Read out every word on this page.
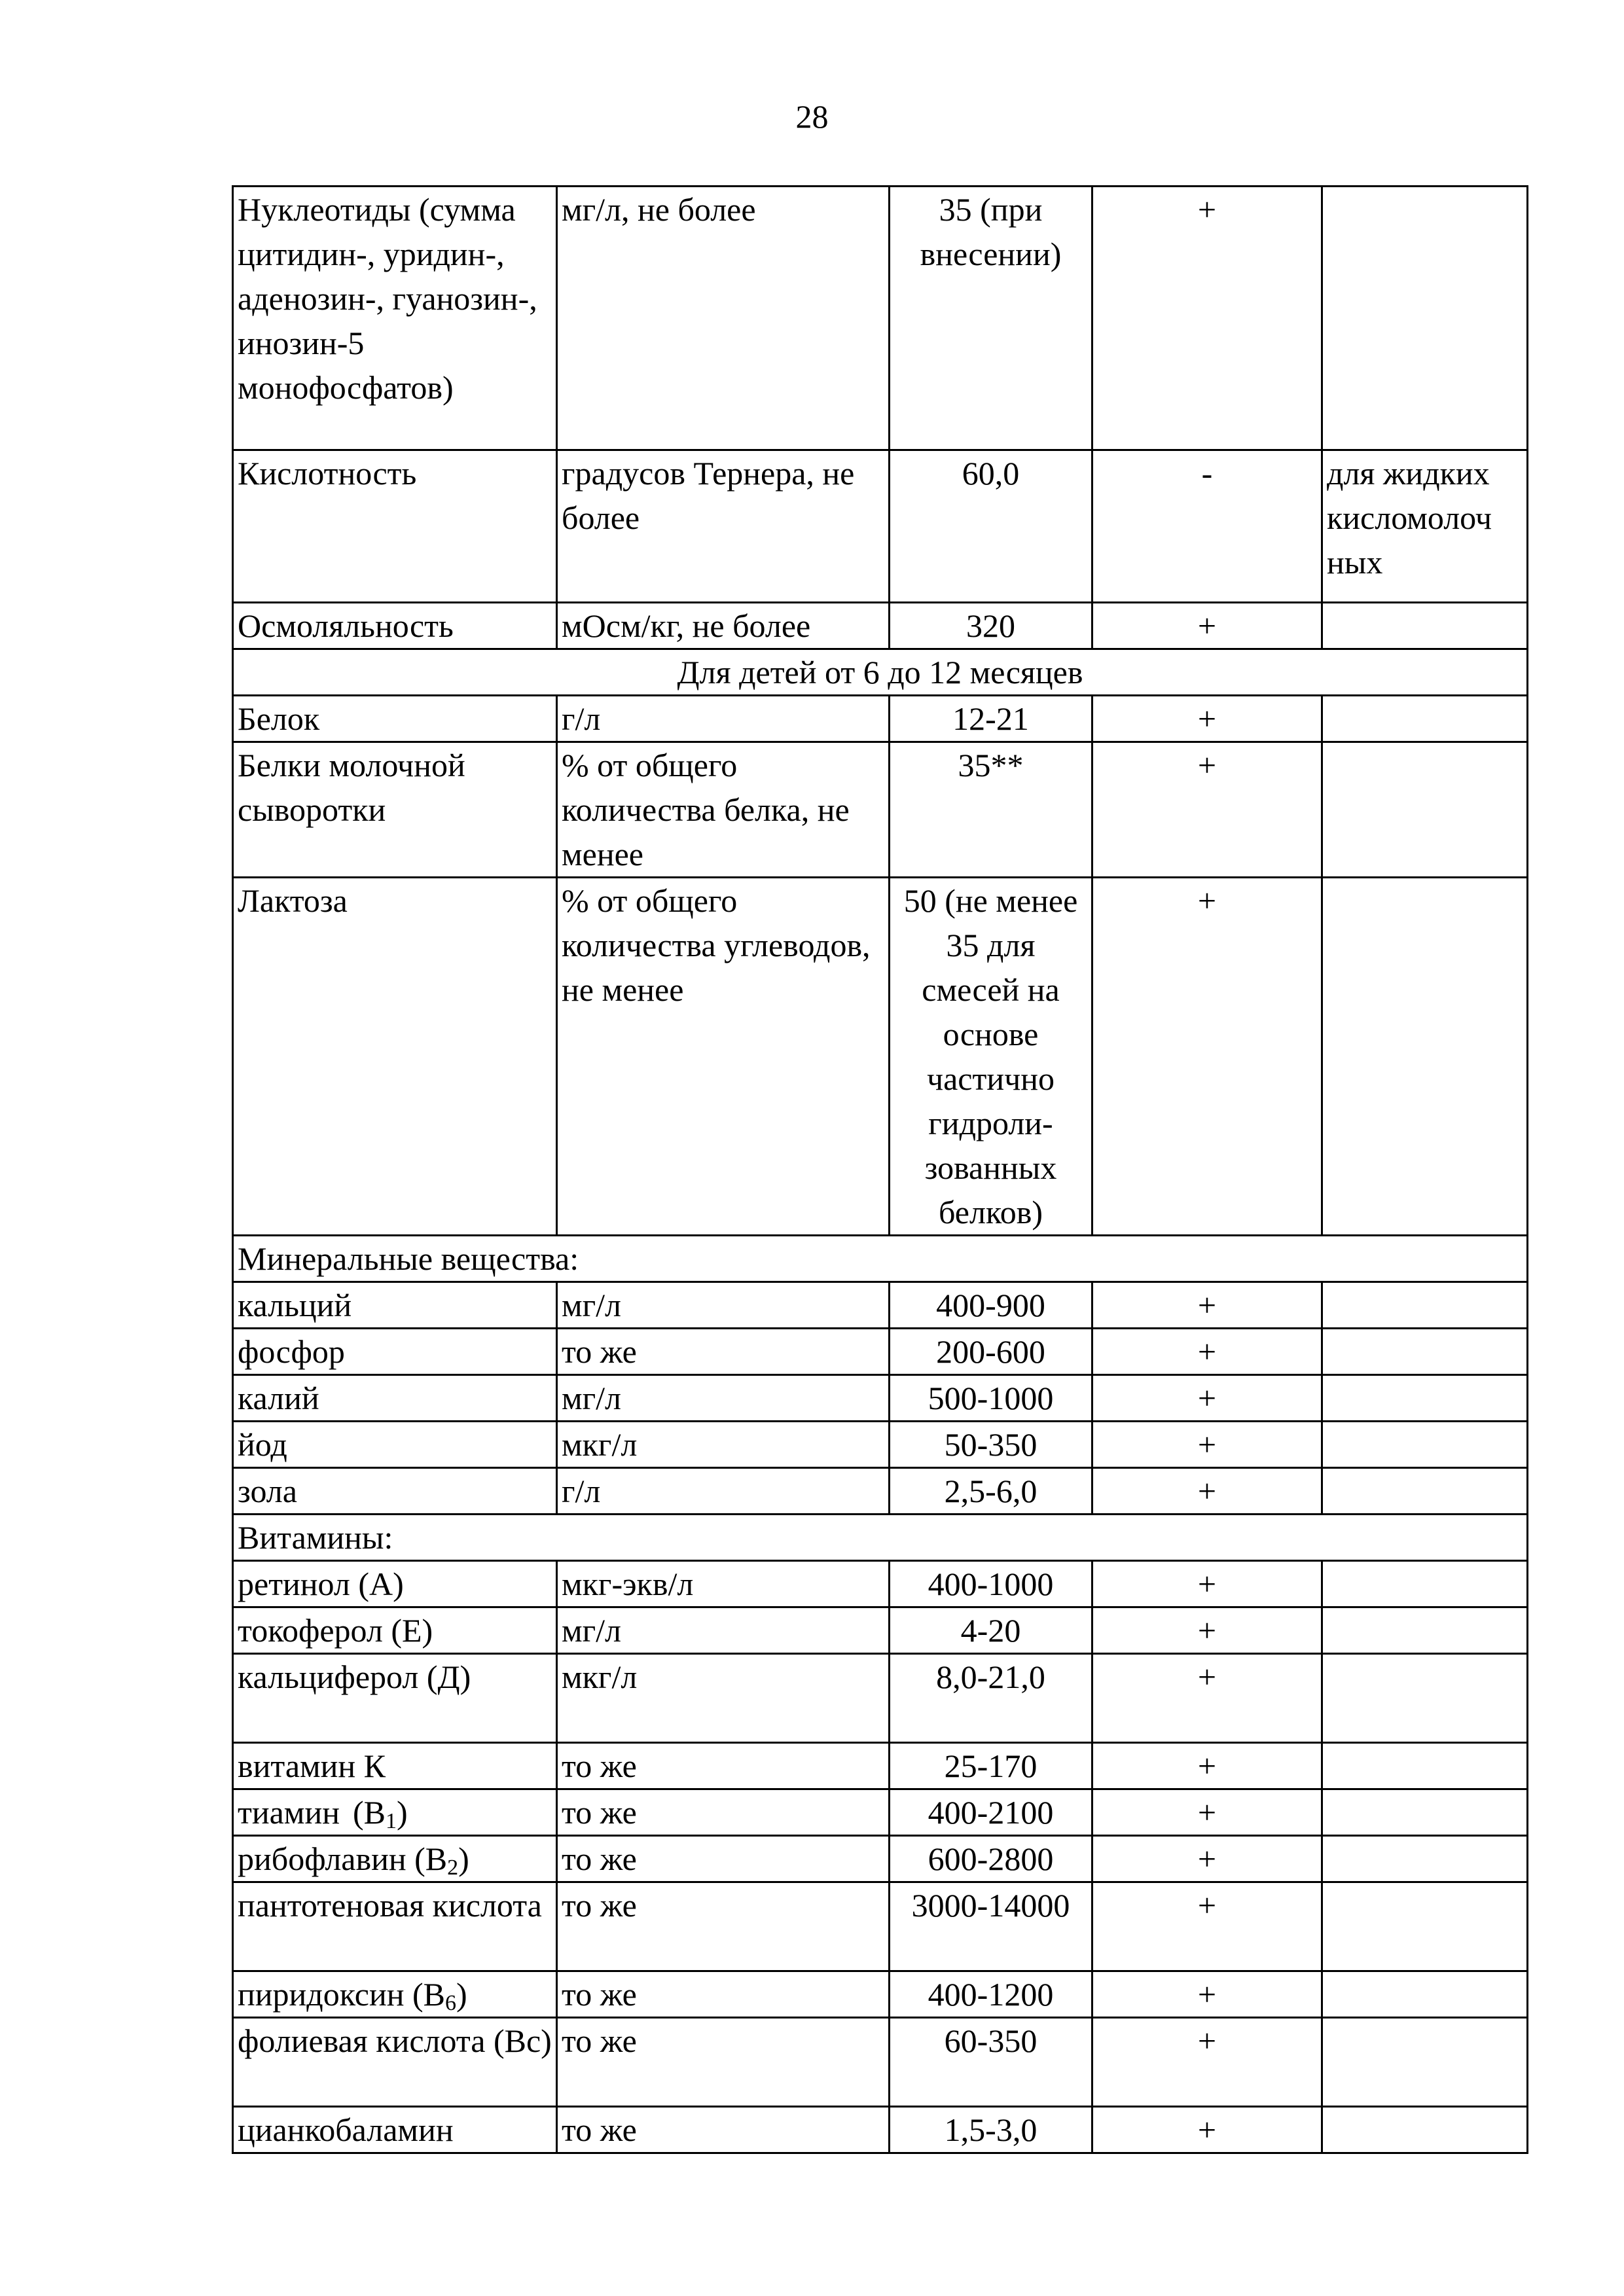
28
Нуклеотиды (сумма цитидин-, уридин-, аденозин-, гуанозин-, инозин-5 монофосфатов)	мг/л, не более	35 (при внесении)	+	
Кислотность	градусов Тернера, не более	60,0	-	для жидких кисломолоч ных
Осмоляльность	мОсм/кг, не более	320	+	
Для детей от 6 до 12 месяцев				
Белок	г/л	12-21	+	
Белки молочной сыворотки	% от общего количества белка, не менее	35**	+	
Лактоза	% от общего количества углеводов, не менее	50 (не менее 35 для смесей на основе частично гидроли- зованных белков)	+	
Минеральные вещества:				
кальций	мг/л	400-900	+	
фосфор	то же	200-600	+	
калий	мг/л	500-1000	+	
йод	мкг/л	50-350	+	
зола	г/л	2,5-6,0	+	
Витамины:				
ретинол (А)	мкг-экв/л	400-1000	+	
токоферол (Е)	мг/л	4-20	+	
кальциферол (Д)	мкг/л	8,0-21,0	+	
витамин К	то же	25-170	+	
тиамин $(B_1)$	то же	400-2100	+	
рибофлавин $(B_2)$	то же	600-2800	+	
пантотеновая кислота	то же	3000-14000	+	
пиридоксин $(B_6)$	то же	400-1200	+	
фолиевая кислота (Вс)	то же	60-350	+	
цианкобаламин	то же	1,5-3,0	+	
